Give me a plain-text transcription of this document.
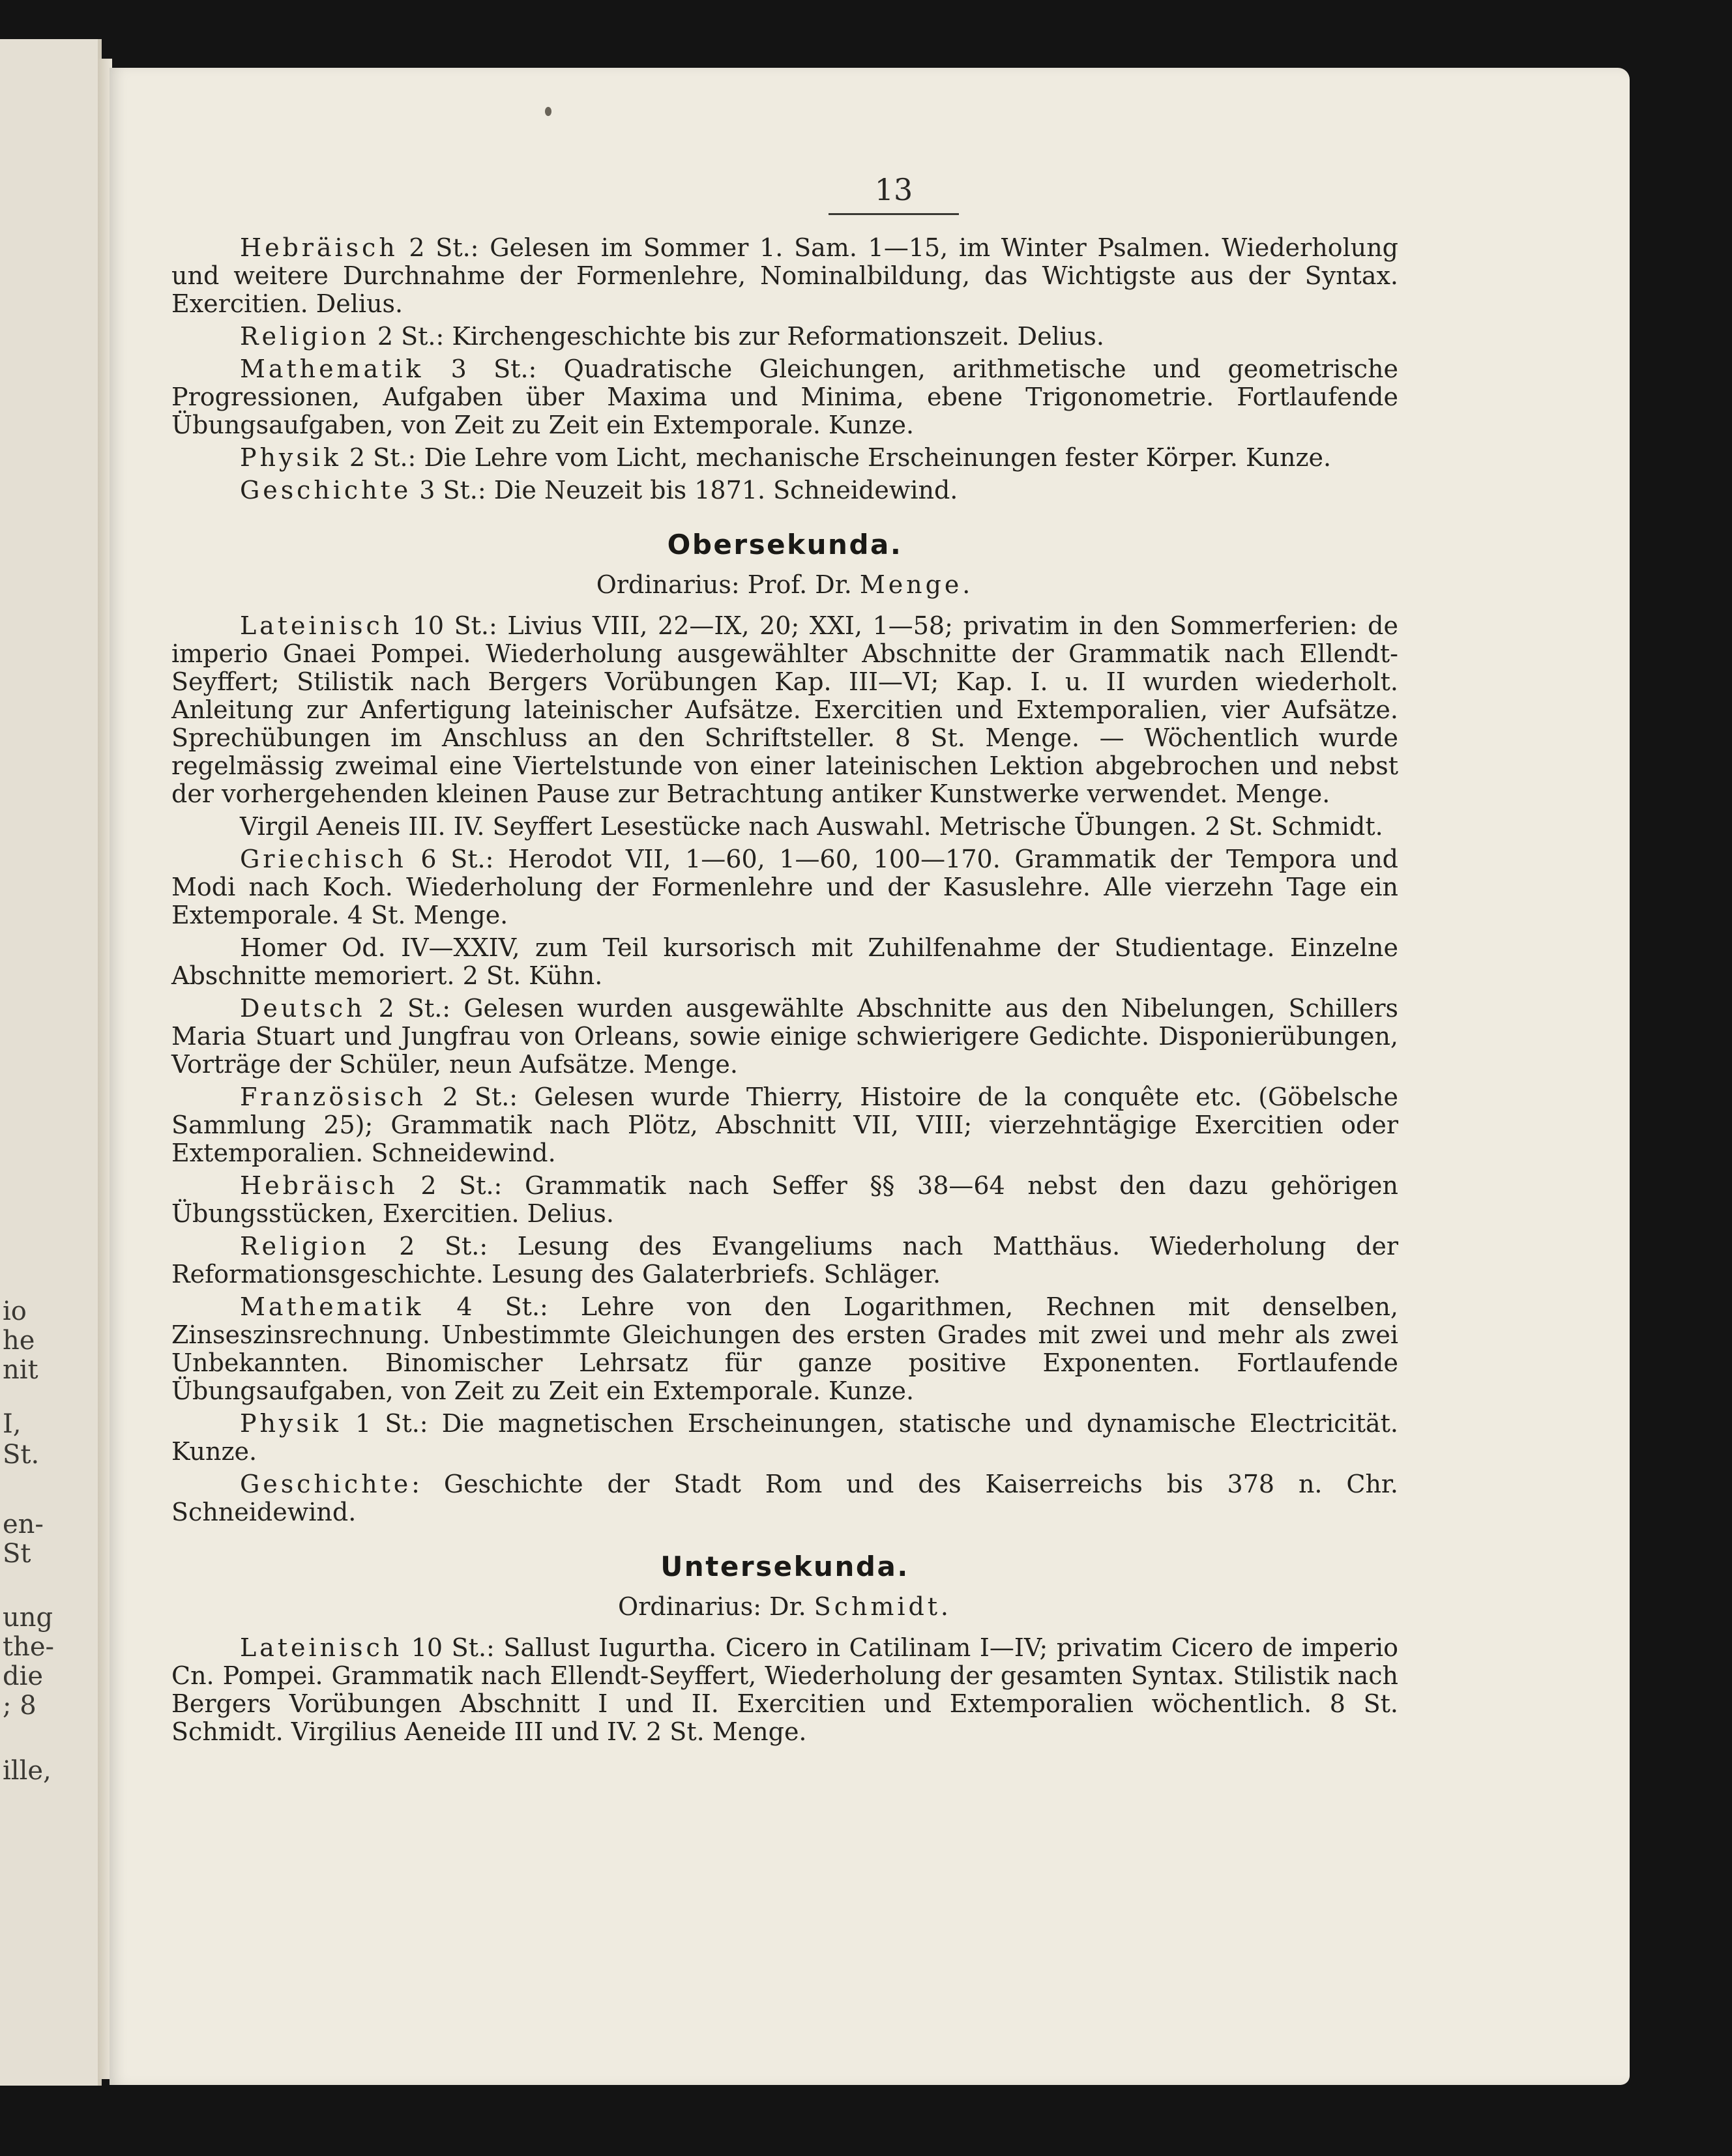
io
he
nit
I,
St.
en-
St
ung
the-
die
; 8
ille,
13

Hebräisch 2 St.: Gelesen im Sommer 1. Sam. 1—15, im Winter Psalmen. Wiederholung und weitere Durchnahme der Formenlehre, Nominalbildung, das Wichtigste aus der Syntax. Exercitien. Delius.

Religion 2 St.: Kirchengeschichte bis zur Reformationszeit. Delius.

Mathematik 3 St.: Quadratische Gleichungen, arithmetische und geometrische Progressionen, Aufgaben über Maxima und Minima, ebene Trigonometrie. Fortlaufende Übungsaufgaben, von Zeit zu Zeit ein Extemporale. Kunze.

Physik 2 St.: Die Lehre vom Licht, mechanische Erscheinungen fester Körper. Kunze.

Geschichte 3 St.: Die Neuzeit bis 1871. Schneidewind.

Obersekunda.
Ordinarius: Prof. Dr. Menge.

Lateinisch 10 St.: Livius VIII, 22—IX, 20; XXI, 1—58; privatim in den Sommerferien: de imperio Gnaei Pompei. Wiederholung ausgewählter Abschnitte der Grammatik nach Ellendt-Seyffert; Stilistik nach Bergers Vorübungen Kap. III—VI; Kap. I. u. II wurden wiederholt. Anleitung zur Anfertigung lateinischer Aufsätze. Exercitien und Extemporalien, vier Aufsätze. Sprechübungen im Anschluss an den Schriftsteller. 8 St. Menge. — Wöchentlich wurde regelmässig zweimal eine Viertelstunde von einer lateinischen Lektion abgebrochen und nebst der vorhergehenden kleinen Pause zur Betrachtung antiker Kunstwerke verwendet. Menge.

Virgil Aeneis III. IV. Seyffert Lesestücke nach Auswahl. Metrische Übungen. 2 St. Schmidt.

Griechisch 6 St.: Herodot VII, 1—60, 1—60, 100—170. Grammatik der Tempora und Modi nach Koch. Wiederholung der Formenlehre und der Kasuslehre. Alle vierzehn Tage ein Extemporale. 4 St. Menge.

Homer Od. IV—XXIV, zum Teil kursorisch mit Zuhilfenahme der Studientage. Einzelne Abschnitte memoriert. 2 St. Kühn.

Deutsch 2 St.: Gelesen wurden ausgewählte Abschnitte aus den Nibelungen, Schillers Maria Stuart und Jungfrau von Orleans, sowie einige schwierigere Gedichte. Disponierübungen, Vorträge der Schüler, neun Aufsätze. Menge.

Französisch 2 St.: Gelesen wurde Thierry, Histoire de la conquête etc. (Göbelsche Sammlung 25); Grammatik nach Plötz, Abschnitt VII, VIII; vierzehntägige Exercitien oder Extemporalien. Schneidewind.

Hebräisch 2 St.: Grammatik nach Seffer §§ 38—64 nebst den dazu gehörigen Übungsstücken, Exercitien. Delius.

Religion 2 St.: Lesung des Evangeliums nach Matthäus. Wiederholung der Reformationsgeschichte. Lesung des Galaterbriefs. Schläger.

Mathematik 4 St.: Lehre von den Logarithmen, Rechnen mit denselben, Zinseszinsrechnung. Unbestimmte Gleichungen des ersten Grades mit zwei und mehr als zwei Unbekannten. Binomischer Lehrsatz für ganze positive Exponenten. Fortlaufende Übungsaufgaben, von Zeit zu Zeit ein Extemporale. Kunze.

Physik 1 St.: Die magnetischen Erscheinungen, statische und dynamische Electricität. Kunze.

Geschichte: Geschichte der Stadt Rom und des Kaiserreichs bis 378 n. Chr. Schneidewind.

Untersekunda.
Ordinarius: Dr. Schmidt.

Lateinisch 10 St.: Sallust Iugurtha. Cicero in Catilinam I—IV; privatim Cicero de imperio Cn. Pompei. Grammatik nach Ellendt-Seyffert, Wiederholung der gesamten Syntax. Stilistik nach Bergers Vorübungen Abschnitt I und II. Exercitien und Extemporalien wöchentlich. 8 St. Schmidt. Virgilius Aeneide III und IV. 2 St. Menge.
